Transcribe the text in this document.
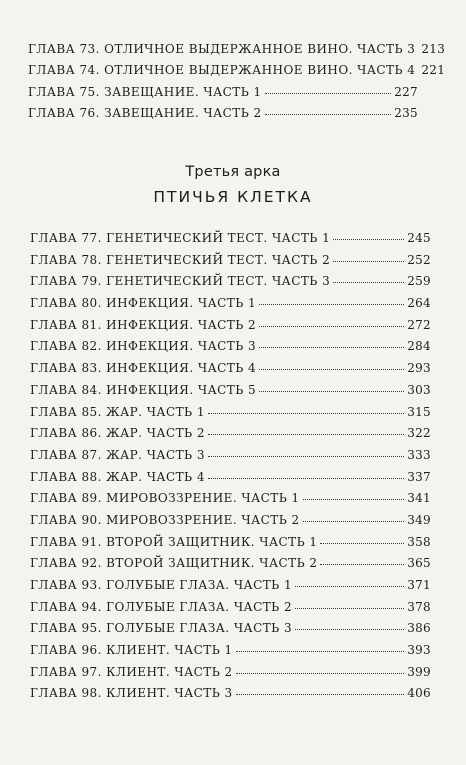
ГЛАВА 73. ОТЛИЧНОЕ ВЫДЕРЖАННОЕ ВИНО. ЧАСТЬ 3 213
ГЛАВА 74. ОТЛИЧНОЕ ВЫДЕРЖАННОЕ ВИНО. ЧАСТЬ 4 221
ГЛАВА 75. ЗАВЕЩАНИЕ. ЧАСТЬ 1	227
ГЛАВА 76. ЗАВЕЩАНИЕ. ЧАСТЬ 2	235
Третья арка
ПТИЧЬЯ КЛЕТКА
ГЛАВА 77. ГЕНЕТИЧЕСКИЙ ТЕСТ. ЧАСТЬ 1	245
ГЛАВА 78. ГЕНЕТИЧЕСКИЙ ТЕСТ. ЧАСТЬ 2	252
ГЛАВА 79. ГЕНЕТИЧЕСКИЙ ТЕСТ. ЧАСТЬ 3	259
ГЛАВА 80. ИНФЕКЦИЯ. ЧАСТЬ 1	264
ГЛАВА 81. ИНФЕКЦИЯ. ЧАСТЬ 2	272
ГЛАВА 82. ИНФЕКЦИЯ. ЧАСТЬ 3	284
ГЛАВА 83. ИНФЕКЦИЯ. ЧАСТЬ 4	293
ГЛАВА 84. ИНФЕКЦИЯ. ЧАСТЬ 5	303
ГЛАВА 85. ЖАР. ЧАСТЬ 1	315
ГЛАВА 86. ЖАР. ЧАСТЬ 2	322
ГЛАВА 87. ЖАР. ЧАСТЬ 3	333
ГЛАВА 88. ЖАР. ЧАСТЬ 4	337
ГЛАВА 89. МИРОВОЗЗРЕНИЕ. ЧАСТЬ 1	341
ГЛАВА 90. МИРОВОЗЗРЕНИЕ. ЧАСТЬ 2	349
ГЛАВА 91. ВТОРОЙ ЗАЩИТНИК. ЧАСТЬ 1	358
ГЛАВА 92. ВТОРОЙ ЗАЩИТНИК. ЧАСТЬ 2	365
ГЛАВА 93. ГОЛУБЫЕ ГЛАЗА. ЧАСТЬ 1	371
ГЛАВА 94. ГОЛУБЫЕ ГЛАЗА. ЧАСТЬ 2	378
ГЛАВА 95. ГОЛУБЫЕ ГЛАЗА. ЧАСТЬ 3	386
ГЛАВА 96. КЛИЕНТ. ЧАСТЬ 1	393
ГЛАВА 97. КЛИЕНТ. ЧАСТЬ 2	399
ГЛАВА 98. КЛИЕНТ. ЧАСТЬ 3	406
